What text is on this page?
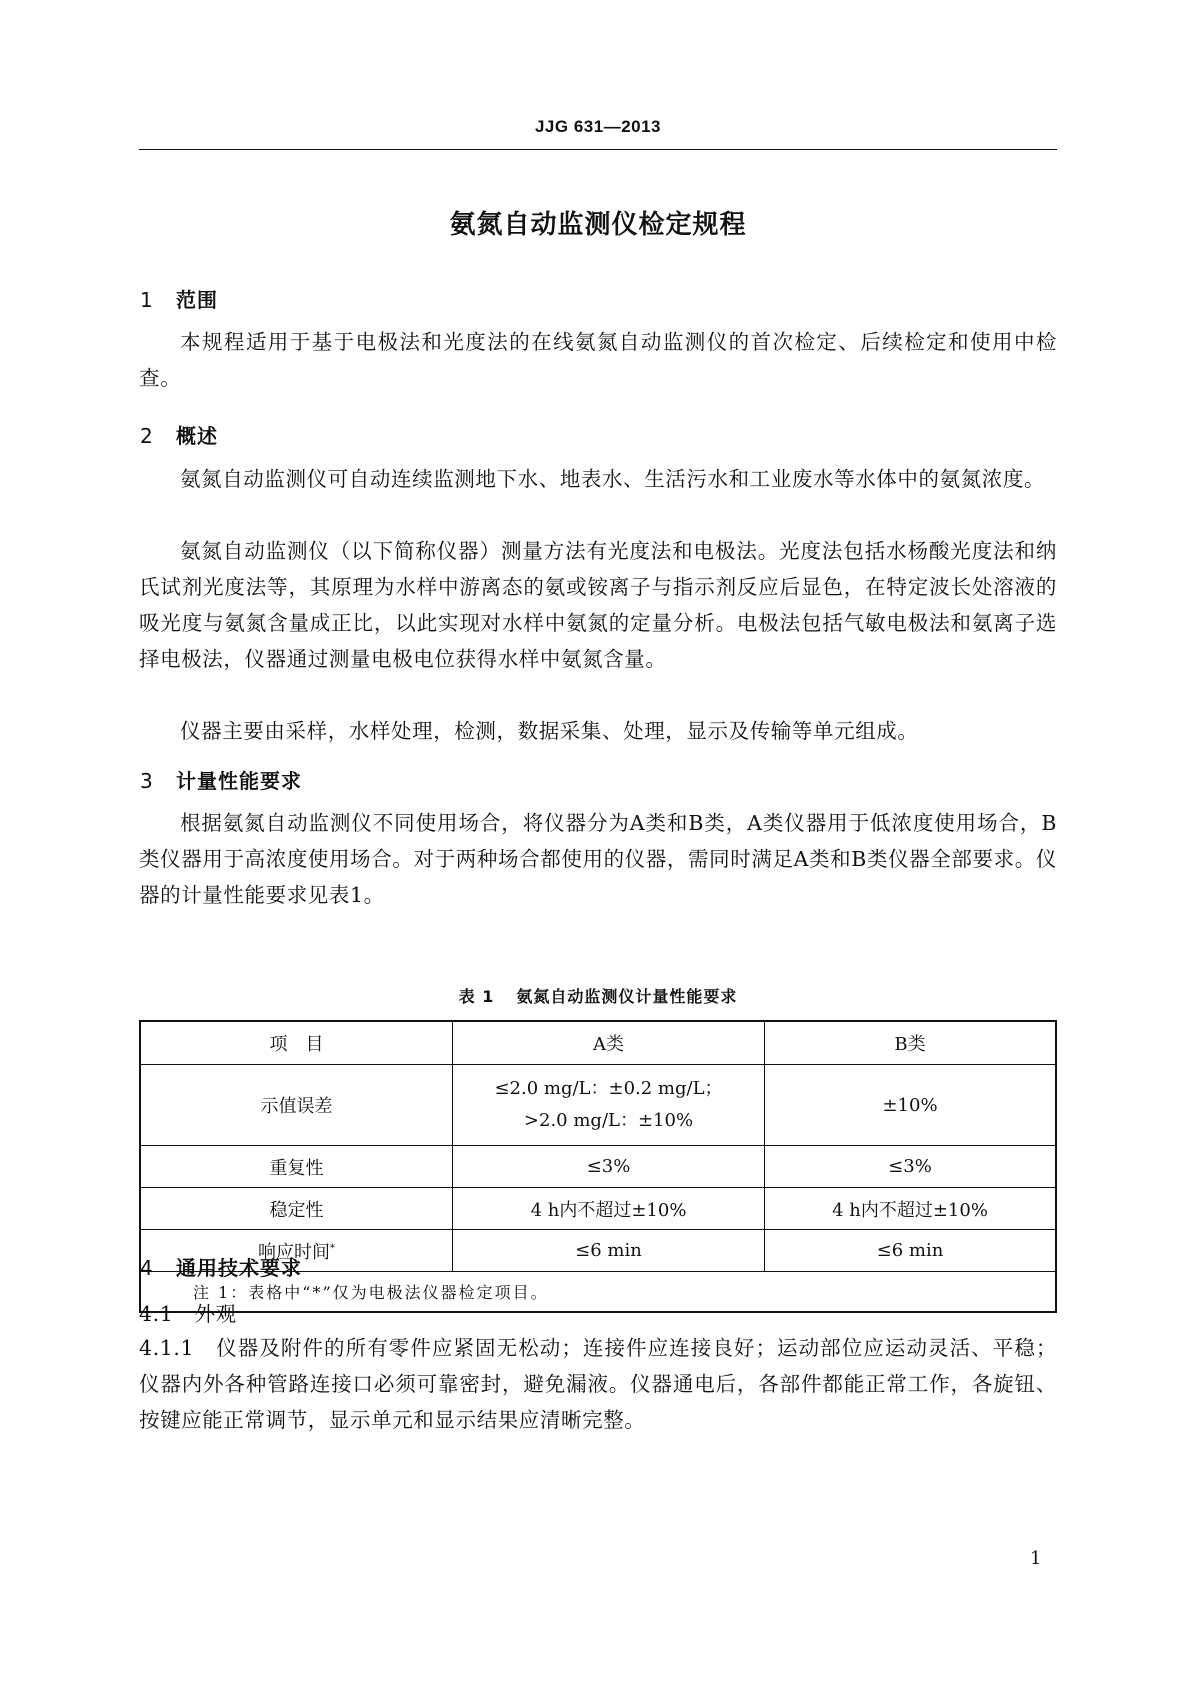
JJG 631—2013
氨氮自动监测仪检定规程
1 范围
本规程适用于基于电极法和光度法的在线氨氮自动监测仪的首次检定、后续检定和使用中检查。
2 概述
氨氮自动监测仪可自动连续监测地下水、地表水、生活污水和工业废水等水体中的氨氮浓度。
氨氮自动监测仪（以下简称仪器）测量方法有光度法和电极法。光度法包括水杨酸光度法和纳氏试剂光度法等，其原理为水样中游离态的氨或铵离子与指示剂反应后显色，在特定波长处溶液的吸光度与氨氮含量成正比，以此实现对水样中氨氮的定量分析。电极法包括气敏电极法和氨离子选择电极法，仪器通过测量电极电位获得水样中氨氮含量。
仪器主要由采样，水样处理，检测，数据采集、处理，显示及传输等单元组成。
3 计量性能要求
根据氨氮自动监测仪不同使用场合，将仪器分为A类和B类，A类仪器用于低浓度使用场合，B类仪器用于高浓度使用场合。对于两种场合都使用的仪器，需同时满足A类和B类仪器全部要求。仪器的计量性能要求见表1。
表 1 氨氮自动监测仪计量性能要求
项　目	A类	B类
示值误差	≤2.0 mg/L：±0.2 mg/L；
>2.0 mg/L：±10%	±10%
重复性	≤3%	≤3%
稳定性	4 h内不超过±10%	4 h内不超过±10%
响应时间*	≤6 min	≤6 min
注 1：表格中“*”仅为电极法仪器检定项目。		
4 通用技术要求
4.1　外观
4.1.1　仪器及附件的所有零件应紧固无松动；连接件应连接良好；运动部位应运动灵活、平稳；仪器内外各种管路连接口必须可靠密封，避免漏液。仪器通电后，各部件都能正常工作，各旋钮、按键应能正常调节，显示单元和显示结果应清晰完整。
1
